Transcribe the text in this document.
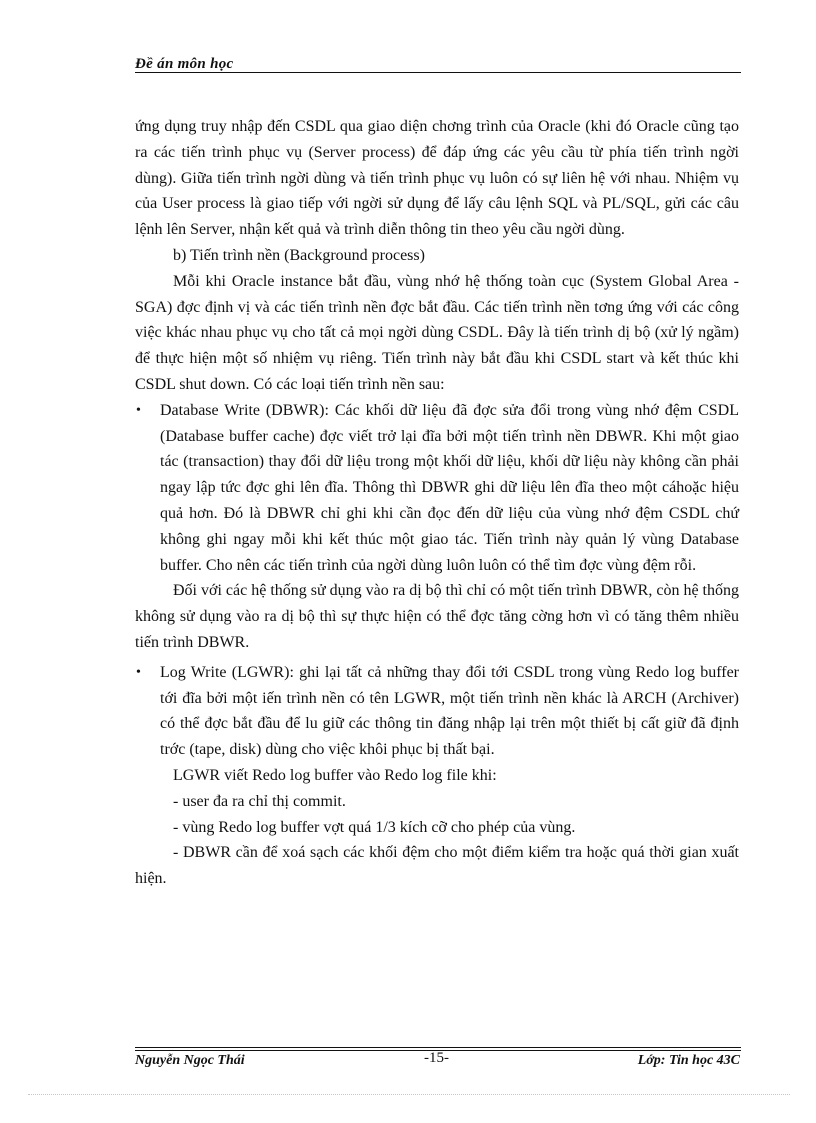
Đề án môn học

ứng dụng truy nhập đến CSDL qua giao diện chơng trình của Oracle (khi đó Oracle cũng tạo ra các tiến trình phục vụ (Server process) để đáp ứng các yêu cầu từ phía tiến trình ngời dùng). Giữa tiến trình ngời dùng và tiến trình phục vụ luôn có sự liên hệ với nhau. Nhiệm vụ của User process là giao tiếp với ngời sử dụng để lấy câu lệnh SQL và PL/SQL, gửi các câu lệnh lên Server, nhận kết quả và trình diễn thông tin theo yêu cầu ngời dùng.

b) Tiến trình nền (Background process)

Mỗi khi Oracle instance bắt đầu, vùng nhớ hệ thống toàn cục (System Global Area - SGA) đợc định vị và các tiến trình nền đợc bắt đầu. Các tiến trình nền tơng ứng với các công việc khác nhau phục vụ cho tất cả mọi ngời dùng CSDL. Đây là tiến trình dị bộ (xử lý ngầm) để thực hiện một số nhiệm vụ riêng. Tiến trình này bắt đầu khi CSDL start và kết thúc khi CSDL shut down. Có các loại tiến trình nền sau:

• Database Write (DBWR): Các khối dữ liệu đã đợc sửa đổi trong vùng nhớ đệm CSDL (Database buffer cache) đợc viết trở lại đĩa bởi một tiến trình nền DBWR. Khi một giao tác (transaction) thay đổi dữ liệu trong một khối dữ liệu, khối dữ liệu này không cần phải ngay lập tức đợc ghi lên đĩa. Thông thì DBWR ghi dữ liệu lên đĩa theo một cáhoặc hiệu quả hơn. Đó là DBWR chỉ ghi khi cần đọc đến dữ liệu của vùng nhớ đệm CSDL chứ không ghi ngay mỗi khi kết thúc một giao tác. Tiến trình này quản lý vùng Database buffer. Cho nên các tiến trình của ngời dùng luôn luôn có thể tìm đợc vùng đệm rỗi.

Đối với các hệ thống sử dụng vào ra dị bộ thì chỉ có một tiến trình DBWR, còn hệ thống không sử dụng vào ra dị bộ thì sự thực hiện có thể đợc tăng cờng hơn vì có tăng thêm nhiều tiến trình DBWR.

• Log Write (LGWR): ghi lại tất cả những thay đổi tới CSDL trong vùng Redo log buffer tới đĩa bởi một iến trình nền có tên LGWR, một tiến trình nền khác là ARCH (Archiver) có thể đợc bắt đầu để lu giữ các thông tin đăng nhập lại trên một thiết bị cất giữ đã định trớc (tape, disk) dùng cho việc khôi phục bị thất bại.

LGWR viết Redo log buffer vào Redo log file khi:

- user đa ra chỉ thị commit.

- vùng Redo log buffer vợt quá 1/3 kích cỡ cho phép của vùng.

- DBWR cần để xoá sạch các khối đệm cho một điểm kiểm tra hoặc quá thời gian xuất hiện.

Nguyễn Ngọc Thái	-15-	Lớp: Tin học 43C
